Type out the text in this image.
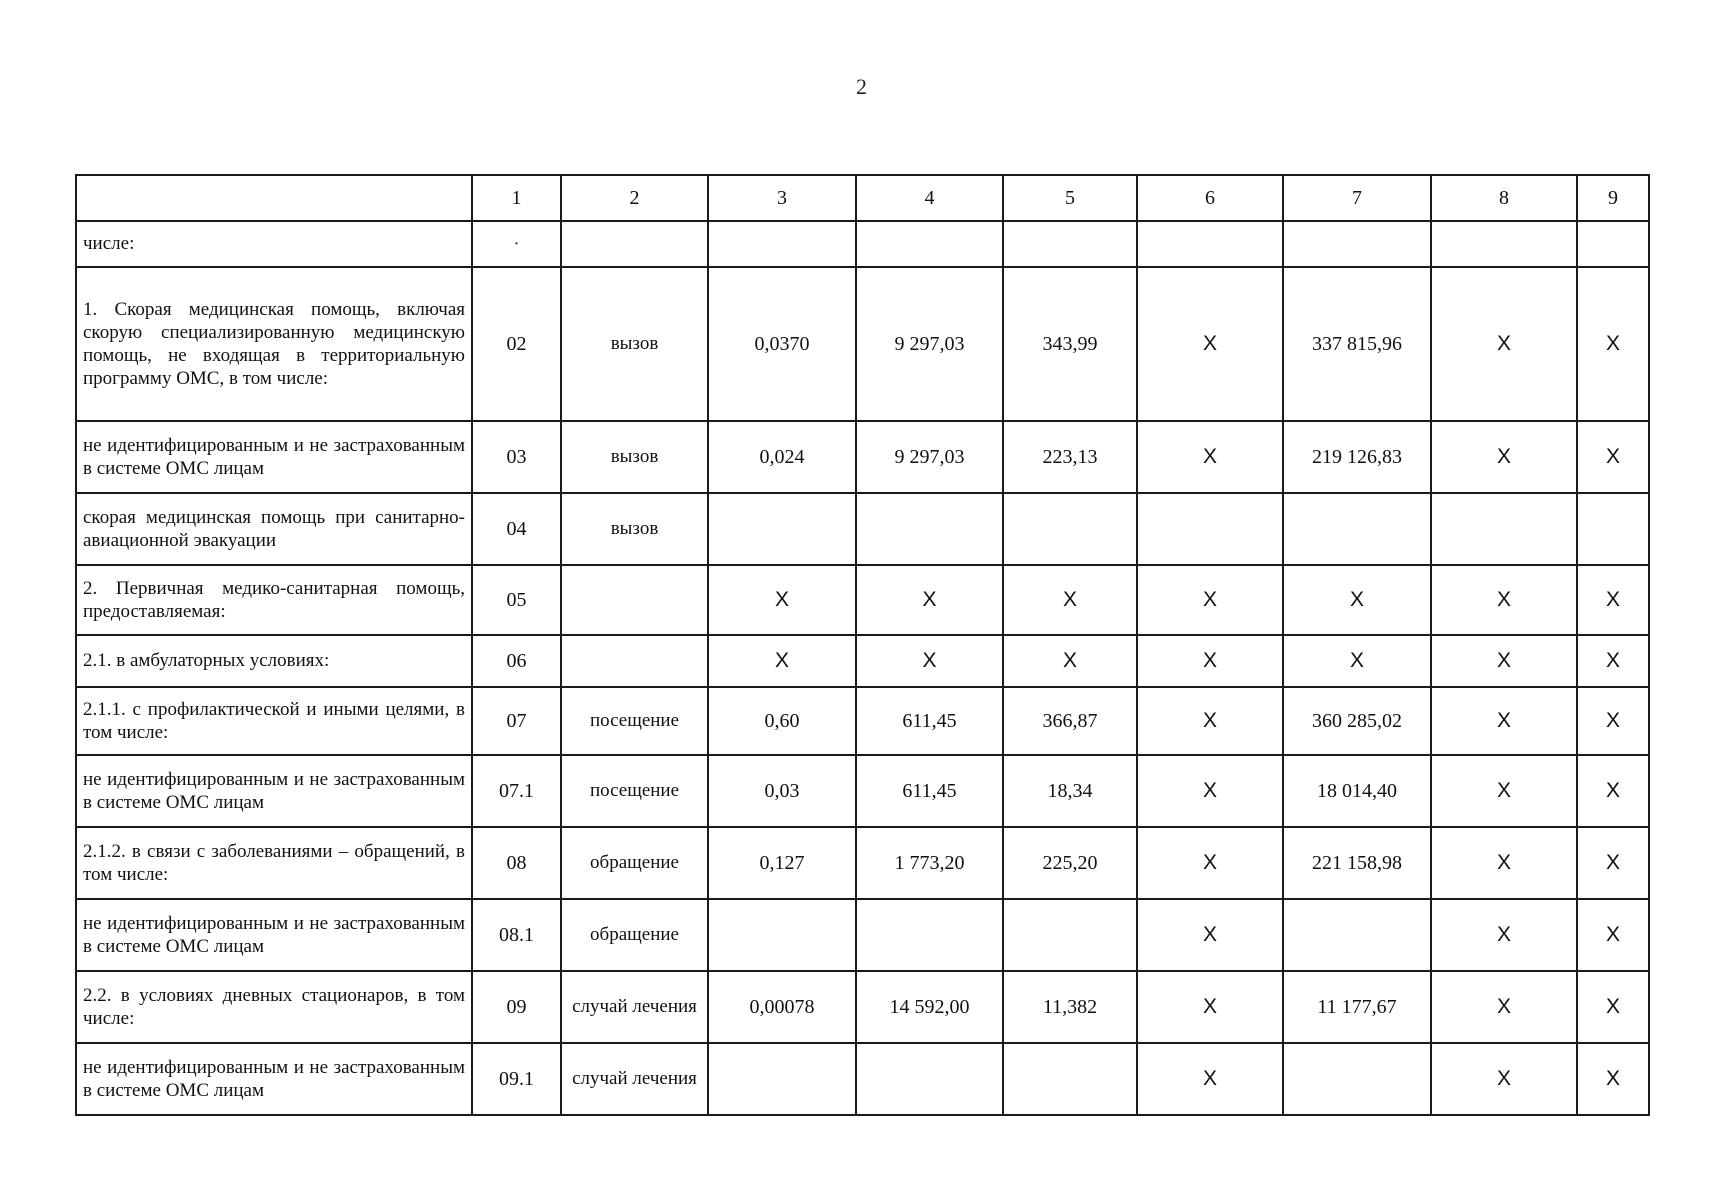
2
	1	2	3	4	5	6	7	8	9
числе:	·								
1. Скорая медицинская помощь, включая скорую специализированную медицинскую помощь, не входящая в территориальную программу ОМС, в том числе:	02	вызов	0,0370	9 297,03	343,99	X	337 815,96	X	X
не идентифицированным и не застрахованным в системе ОМС лицам	03	вызов	0,024	9 297,03	223,13	X	219 126,83	X	X
скорая медицинская помощь при санитарно-авиационной эвакуации	04	вызов							
2. Первичная медико-санитарная помощь, предоставляемая:	05		X	X	X	X	X	X	X
2.1. в амбулаторных условиях:	06		X	X	X	X	X	X	X
2.1.1. с профилактической и иными целями, в том числе:	07	посещение	0,60	611,45	366,87	X	360 285,02	X	X
не идентифицированным и не застрахованным в системе ОМС лицам	07.1	посещение	0,03	611,45	18,34	X	18 014,40	X	X
2.1.2. в связи с заболеваниями – обращений, в том числе:	08	обращение	0,127	1 773,20	225,20	X	221 158,98	X	X
не идентифицированным и не застрахованным в системе ОМС лицам	08.1	обращение				X		X	X
2.2. в условиях дневных стационаров, в том числе:	09	случай лечения	0,00078	14 592,00	11,382	X	11 177,67	X	X
не идентифицированным и не застрахованным в системе ОМС лицам	09.1	случай лечения				X		X	X
